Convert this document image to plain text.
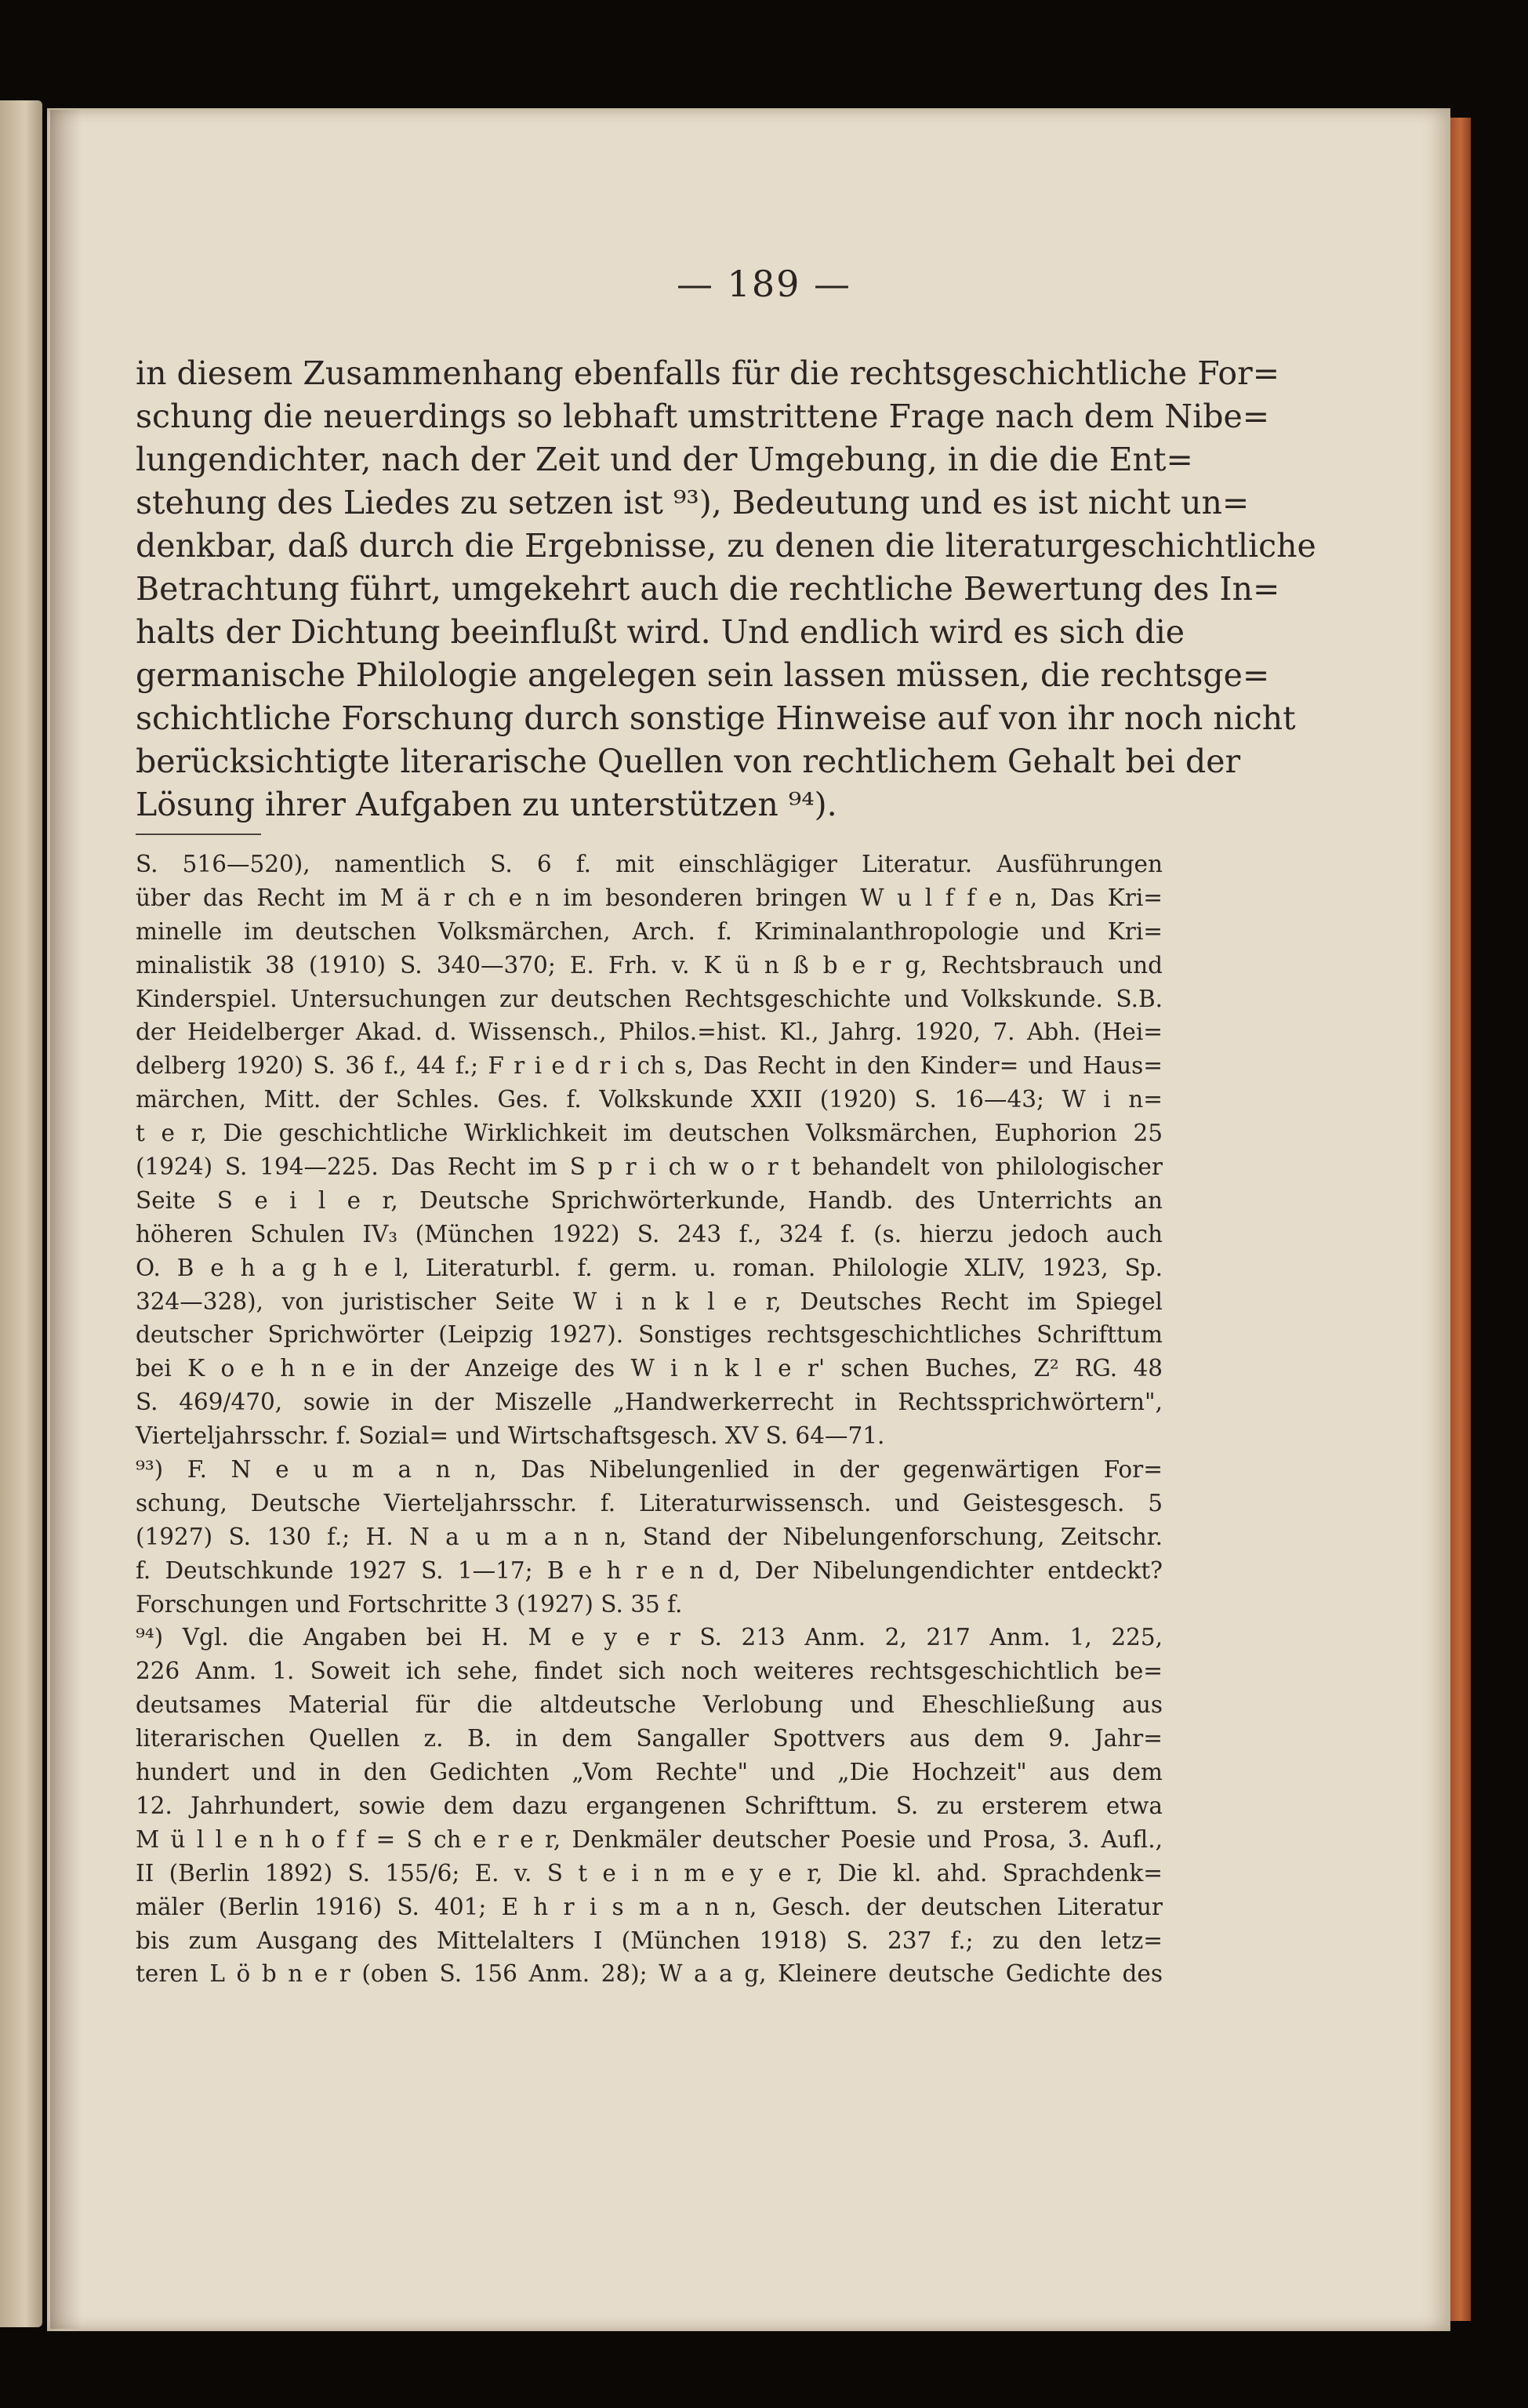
— 189 —
in diesem Zusammenhang ebenfalls für die rechtsgeschichtliche For=
schung die neuerdings so lebhaft umstrittene Frage nach dem Nibe=
lungendichter, nach der Zeit und der Umgebung, in die die Ent=
stehung des Liedes zu setzen ist ⁹³), Bedeutung und es ist nicht un=
denkbar, daß durch die Ergebnisse, zu denen die literaturgeschichtliche
Betrachtung führt, umgekehrt auch die rechtliche Bewertung des In=
halts der Dichtung beeinflußt wird. Und endlich wird es sich die
germanische Philologie angelegen sein lassen müssen, die rechtsge=
schichtliche Forschung durch sonstige Hinweise auf von ihr noch nicht
berücksichtigte literarische Quellen von rechtlichem Gehalt bei der
Lösung ihrer Aufgaben zu unterstützen ⁹⁴).
S. 516—520), namentlich S. 6 f. mit einschlägiger Literatur. Ausführungen
über das Recht im M ä r ch e n im besonderen bringen W u l f f e n, Das Kri=
minelle im deutschen Volksmärchen, Arch. f. Kriminalanthropologie und Kri=
minalistik 38 (1910) S. 340—370; E. Frh. v. K ü n ß b e r g, Rechtsbrauch und
Kinderspiel. Untersuchungen zur deutschen Rechtsgeschichte und Volkskunde. S.B.
der Heidelberger Akad. d. Wissensch., Philos.=hist. Kl., Jahrg. 1920, 7. Abh. (Hei=
delberg 1920) S. 36 f., 44 f.; F r i e d r i ch s, Das Recht in den Kinder= und Haus=
märchen, Mitt. der Schles. Ges. f. Volkskunde XXII (1920) S. 16—43; W i n=
t e r, Die geschichtliche Wirklichkeit im deutschen Volksmärchen, Euphorion 25
(1924) S. 194—225. Das Recht im S p r i ch w o r t behandelt von philologischer
Seite S e i l e r, Deutsche Sprichwörterkunde, Handb. des Unterrichts an
höheren Schulen IV₃ (München 1922) S. 243 f., 324 f. (s. hierzu jedoch auch
O. B e h a g h e l, Literaturbl. f. germ. u. roman. Philologie XLIV, 1923, Sp.
324—328), von juristischer Seite W i n k l e r, Deutsches Recht im Spiegel
deutscher Sprichwörter (Leipzig 1927). Sonstiges rechtsgeschichtliches Schrifttum
bei K o e h n e in der Anzeige des W i n k l e r' schen Buches, Z² RG. 48
S. 469/470, sowie in der Miszelle „Handwerkerrecht in Rechtssprichwörtern",
Vierteljahrsschr. f. Sozial= und Wirtschaftsgesch. XV S. 64—71.
⁹³) F. N e u m a n n, Das Nibelungenlied in der gegenwärtigen For=
schung, Deutsche Vierteljahrsschr. f. Literaturwissensch. und Geistesgesch. 5
(1927) S. 130 f.; H. N a u m a n n, Stand der Nibelungenforschung, Zeitschr.
f. Deutschkunde 1927 S. 1—17; B e h r e n d, Der Nibelungendichter entdeckt?
Forschungen und Fortschritte 3 (1927) S. 35 f.
⁹⁴) Vgl. die Angaben bei H. M e y e r S. 213 Anm. 2, 217 Anm. 1, 225,
226 Anm. 1. Soweit ich sehe, findet sich noch weiteres rechtsgeschichtlich be=
deutsames Material für die altdeutsche Verlobung und Eheschließung aus
literarischen Quellen z. B. in dem Sangaller Spottvers aus dem 9. Jahr=
hundert und in den Gedichten „Vom Rechte" und „Die Hochzeit" aus dem
12. Jahrhundert, sowie dem dazu ergangenen Schrifttum. S. zu ersterem etwa
M ü l l e n h o f f = S ch e r e r, Denkmäler deutscher Poesie und Prosa, 3. Aufl.,
II (Berlin 1892) S. 155/6; E. v. S t e i n m e y e r, Die kl. ahd. Sprachdenk=
mäler (Berlin 1916) S. 401; E h r i s m a n n, Gesch. der deutschen Literatur
bis zum Ausgang des Mittelalters I (München 1918) S. 237 f.; zu den letz=
teren L ö b n e r (oben S. 156 Anm. 28); W a a g, Kleinere deutsche Gedichte des
